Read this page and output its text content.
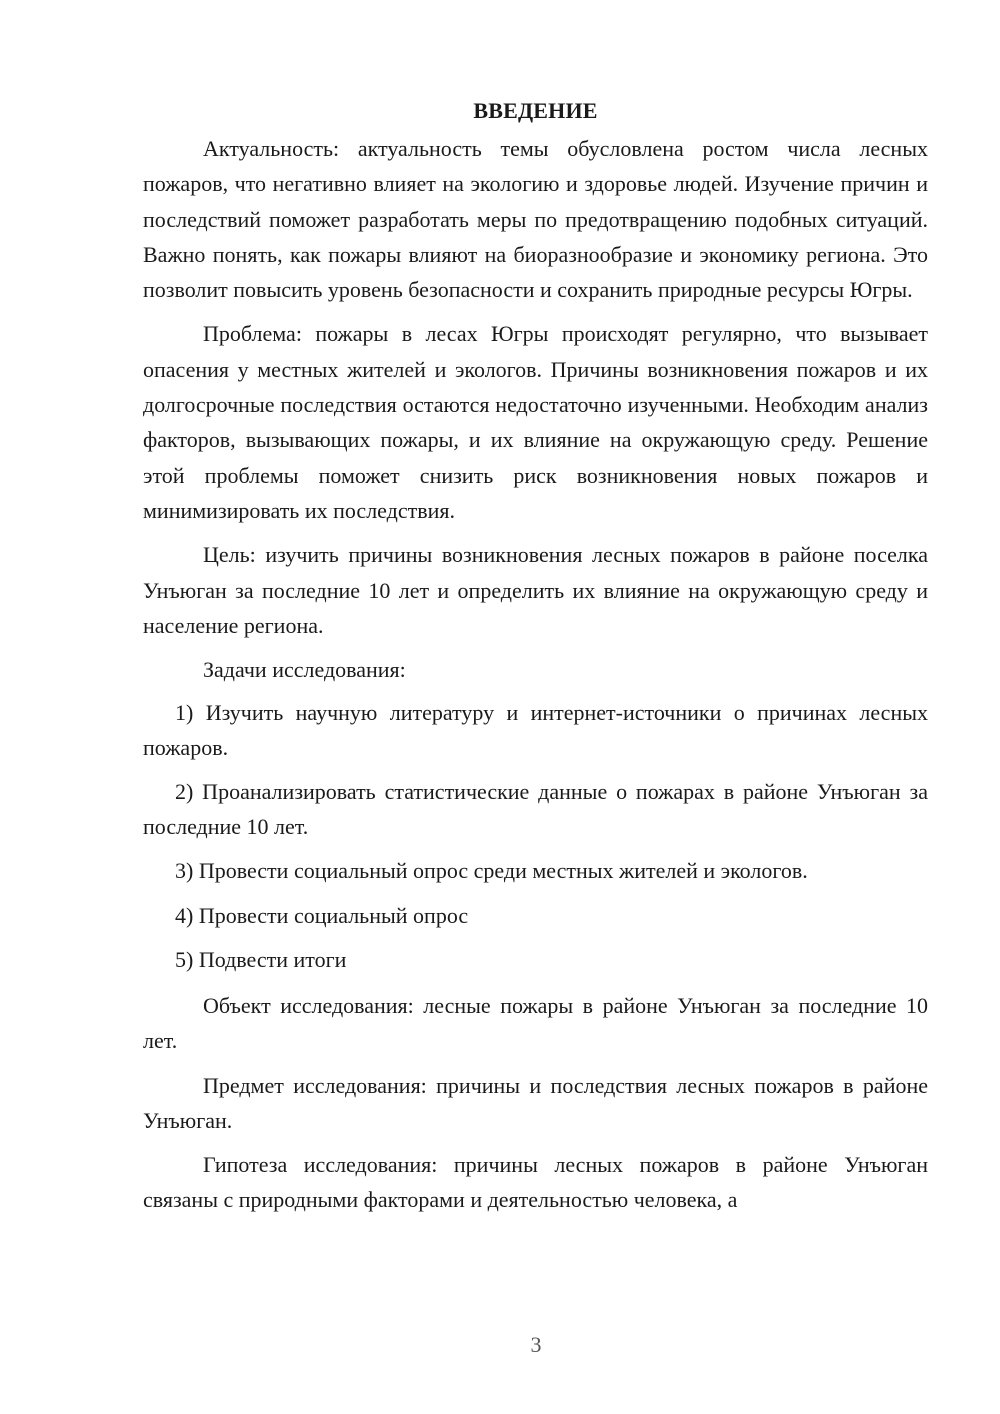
ВВЕДЕНИЕ

Актуальность: актуальность темы обусловлена ростом числа лесных пожаров, что негативно влияет на экологию и здоровье людей. Изучение причин и последствий поможет разработать меры по предотвращению подобных ситуаций. Важно понять, как пожары влияют на биоразнообразие и экономику региона. Это позволит повысить уровень безопасности и сохранить природные ресурсы Югры.

Проблема: пожары в лесах Югры происходят регулярно, что вызывает опасения у местных жителей и экологов. Причины возникновения пожаров и их долгосрочные последствия остаются недостаточно изученными. Необходим анализ факторов, вызывающих пожары, и их влияние на окружающую среду. Решение этой проблемы поможет снизить риск возникновения новых пожаров и минимизировать их последствия.

Цель: изучить причины возникновения лесных пожаров в районе поселка Унъюган за последние 10 лет и определить их влияние на окружающую среду и население региона.

Задачи исследования:

1) Изучить научную литературу и интернет-источники о причинах лесных пожаров.

2) Проанализировать статистические данные о пожарах в районе Унъюган за последние 10 лет.

3) Провести социальный опрос среди местных жителей и экологов.

4) Провести социальный опрос

5) Подвести итоги

Объект исследования: лесные пожары в районе Унъюган за последние 10 лет.

Предмет исследования: причины и последствия лесных пожаров в районе Унъюган.

Гипотеза исследования: причины лесных пожаров в районе Унъюган связаны с природными факторами и деятельностью человека, а

3
